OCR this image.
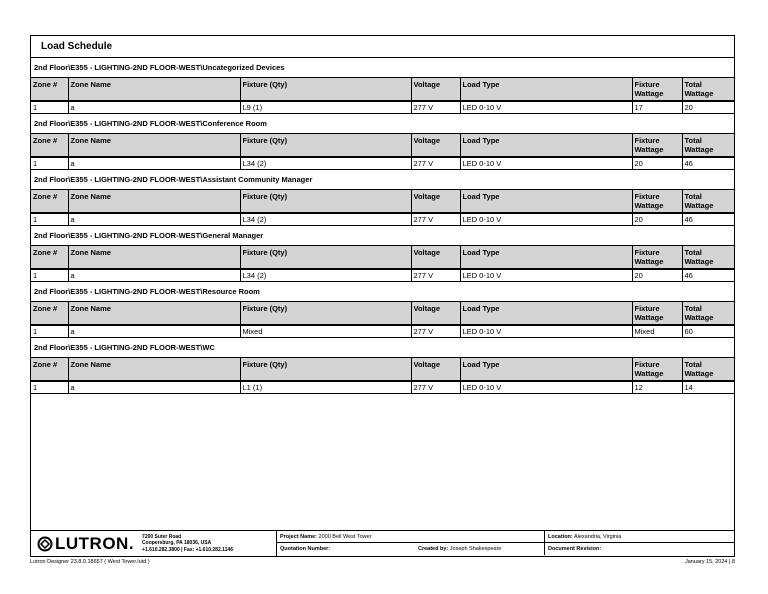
Load Schedule
2nd Floor\E355 - LIGHTING-2ND FLOOR-WEST\Uncategorized Devices
Zone #	Zone Name	Fixture (Qty)	Voltage	Load Type	Fixture Wattage	Total Wattage
1	a	L9 (1)	277 V	LED 0-10 V	17	20
2nd Floor\E355 - LIGHTING-2ND FLOOR-WEST\Conference Room
Zone #	Zone Name	Fixture (Qty)	Voltage	Load Type	Fixture Wattage	Total Wattage
1	a	L34 (2)	277 V	LED 0-10 V	20	46
2nd Floor\E355 - LIGHTING-2ND FLOOR-WEST\Assistant Community Manager
Zone #	Zone Name	Fixture (Qty)	Voltage	Load Type	Fixture Wattage	Total Wattage
1	a	L34 (2)	277 V	LED 0-10 V	20	46
2nd Floor\E355 - LIGHTING-2ND FLOOR-WEST\General Manager
Zone #	Zone Name	Fixture (Qty)	Voltage	Load Type	Fixture Wattage	Total Wattage
1	a	L34 (2)	277 V	LED 0-10 V	20	46
2nd Floor\E355 - LIGHTING-2ND FLOOR-WEST\Resource Room
Zone #	Zone Name	Fixture (Qty)	Voltage	Load Type	Fixture Wattage	Total Wattage
1	a	Mixed	277 V	LED 0-10 V	Mixed	60
2nd Floor\E355 - LIGHTING-2ND FLOOR-WEST\WC
Zone #	Zone Name	Fixture (Qty)	Voltage	Load Type	Fixture Wattage	Total Wattage
1	a	L1 (1)	277 V	LED 0-10 V	12	14
LUTRON. 7200 Suter Road
Coopersburg, PA 18036, USA
+1.610.282.3800 | Fax: +1.610.282.1146
Project Name: 2000 Bell West Tower	Location: Alexandria, Virginia
Quotation Number:	Created by: Joseph Shakespeare	Document Revision:
Lutron Designer 23.8.0.18657 ( West Tower.lutd )	January 15, 2024 | 8
